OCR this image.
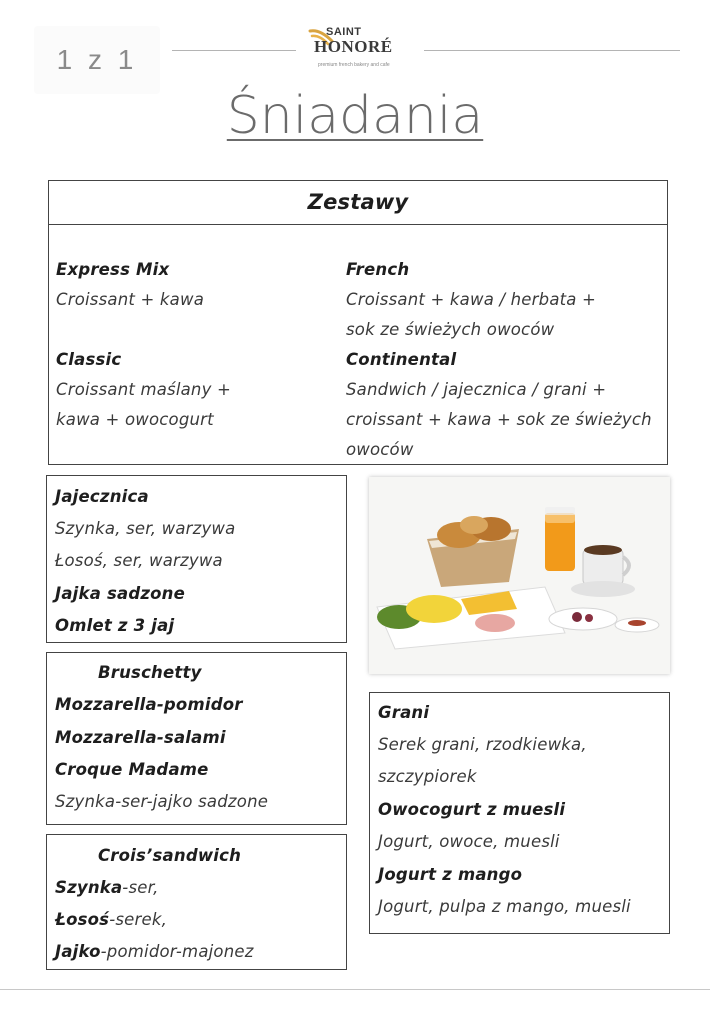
1 z 1
SAINT
HONORÉ
premium french bakery and cafe
Śniadania
Zestawy
Express Mix
Croissant + kawa
Classic
Croissant maślany +
kawa + owocogurt
French
Croissant + kawa / herbata +
sok ze świeżych owoców
Continental
Sandwich / jajecznica / grani +
croissant + kawa + sok ze świeżych
owoców
Jajecznica
Szynka, ser, warzywa
Łosoś, ser, warzywa
Jajka sadzone
Omlet z 3 jaj
Bruschetty
Mozzarella-pomidor
Mozzarella-salami
Croque Madame
Szynka-ser-jajko sadzone
Crois’sandwich
Szynka-ser,
Łosoś-serek,
Jajko-pomidor-majonez
Grani
Serek grani, rzodkiewka,
szczypiorek
Owocogurt z muesli
Jogurt, owoce, muesli
Jogurt z mango
Jogurt, pulpa z mango, muesli
